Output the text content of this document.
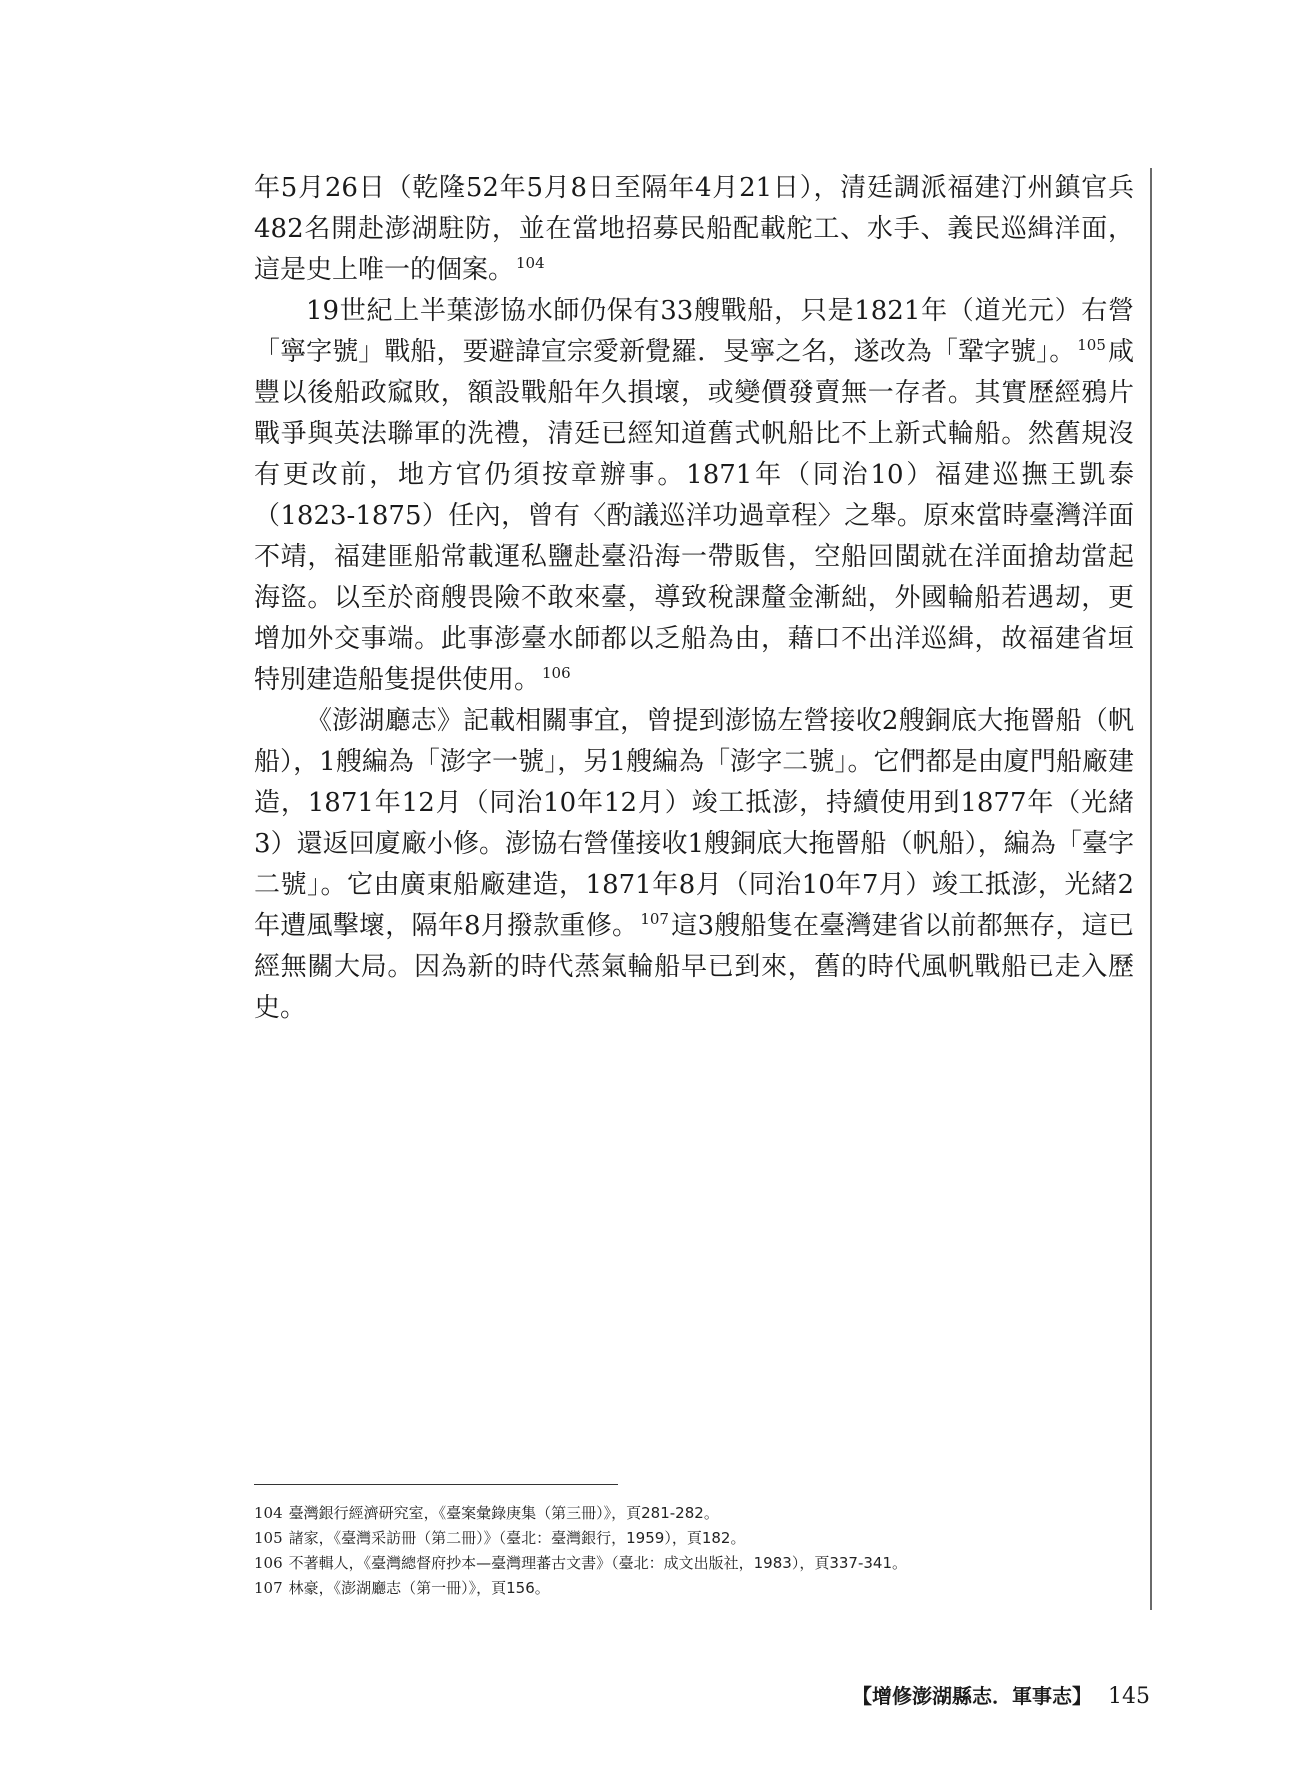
年5月26日（乾隆52年5月8日至隔年4月21日），清廷調派福建汀州鎮官兵482名開赴澎湖駐防，並在當地招募民船配載舵工、水手、義民巡緝洋面，這是史上唯一的個案。 $^{104}$

19世紀上半葉澎協水師仍保有33艘戰船，只是1821年（道光元）右營「寧字號」戰船，要避諱宣宗愛新覺羅．旻寧之名，遂改為「鞏字號」。 $^{105}$咸豐以後船政窳敗，額設戰船年久損壞，或變價發賣無一存者。其實歷經鴉片戰爭與英法聯軍的洗禮，清廷已經知道舊式帆船比不上新式輪船。然舊規沒有更改前，地方官仍須按章辦事。1871年（同治10）福建巡撫王凱泰（1823-1875）任內，曾有〈酌議巡洋功過章程〉之舉。原來當時臺灣洋面不靖，福建匪船常載運私鹽赴臺沿海一帶販售，空船回閩就在洋面搶劫當起海盜。以至於商艘畏險不敢來臺，導致稅課釐金漸絀，外國輪船若遇刼，更增加外交事端。此事澎臺水師都以乏船為由，藉口不出洋巡緝，故福建省垣特別建造船隻提供使用。 $^{106}$

《澎湖廳志》記載相關事宜，曾提到澎協左營接收2艘銅底大拖罾船（帆船），1艘編為「澎字一號」，另1艘編為「澎字二號」。它們都是由廈門船廠建造，1871年12月（同治10年12月）竣工抵澎，持續使用到1877年（光緒3）還返回廈廠小修。澎協右營僅接收1艘銅底大拖罾船（帆船），編為「臺字二號」。它由廣東船廠建造，1871年8月（同治10年7月）竣工抵澎，光緒2年遭風擊壞，隔年8月撥款重修。 $^{107}$這3艘船隻在臺灣建省以前都無存，這已經無關大局。因為新的時代蒸氣輪船早已到來，舊的時代風帆戰船已走入歷史。

104 臺灣銀行經濟研究室，《臺案彙錄庚集（第三冊）》，頁281-282。
105 諸家，《臺灣采訪冊（第二冊）》（臺北：臺灣銀行，1959），頁182。
106 不著輯人，《臺灣總督府抄本—臺灣理蕃古文書》（臺北：成文出版社，1983），頁337-341。
107 林豪，《澎湖廳志（第一冊）》，頁156。
【增修澎湖縣志．軍事志】 145
